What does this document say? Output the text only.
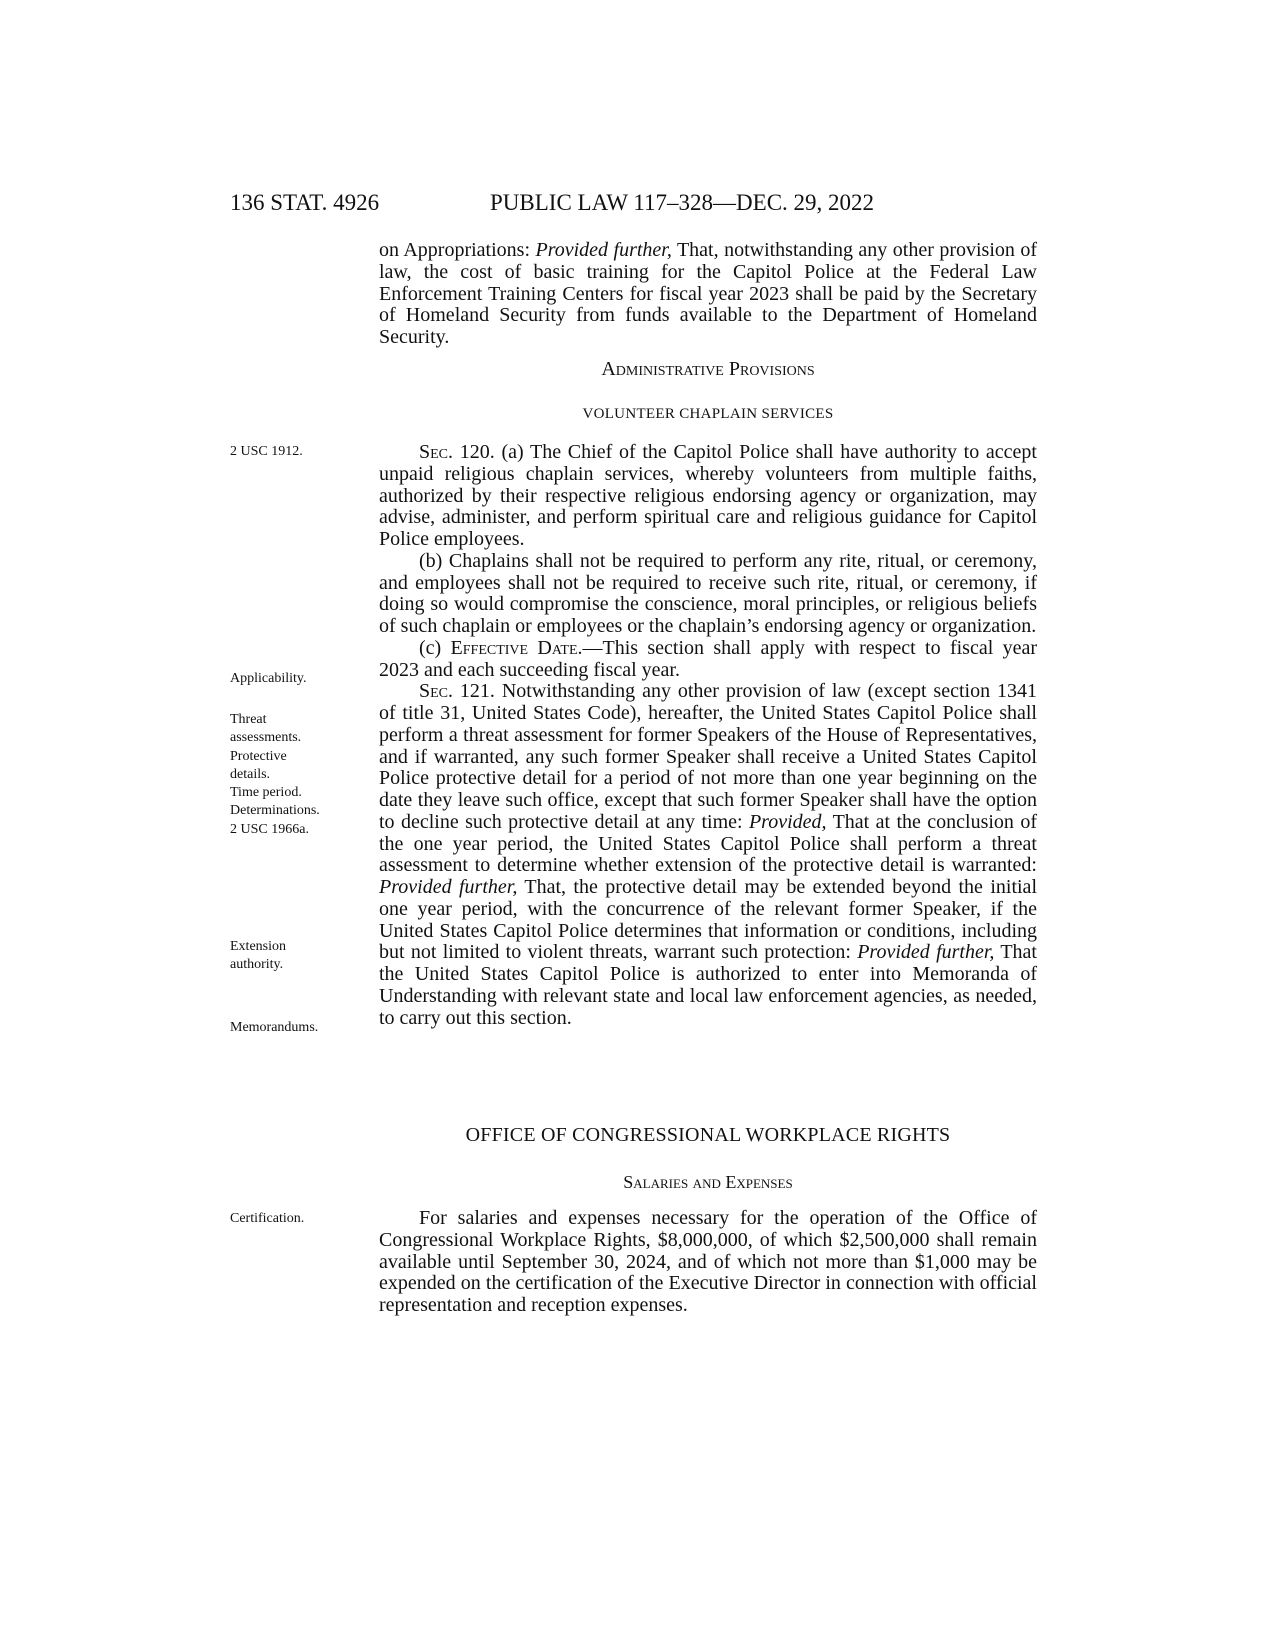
136 STAT. 4926	PUBLIC LAW 117–328—DEC. 29, 2022

on Appropriations: Provided further, That, notwithstanding any other provision of law, the cost of basic training for the Capitol Police at the Federal Law Enforcement Training Centers for fiscal year 2023 shall be paid by the Secretary of Homeland Security from funds available to the Department of Homeland Security.

Administrative Provisions
VOLUNTEER CHAPLAIN SERVICES
2 USC 1912.
Applicability.
Threat
assessments.
Protective
details.
Time period.
Determinations.
2 USC 1966a.
Extension
authority.
Memorandums.
Certification.

Sec. 120. (a) The Chief of the Capitol Police shall have authority to accept unpaid religious chaplain services, whereby volunteers from multiple faiths, authorized by their respective religious endorsing agency or organization, may advise, administer, and perform spiritual care and religious guidance for Capitol Police employees.

(b) Chaplains shall not be required to perform any rite, ritual, or ceremony, and employees shall not be required to receive such rite, ritual, or ceremony, if doing so would compromise the conscience, moral principles, or religious beliefs of such chaplain or employees or the chaplain’s endorsing agency or organization.

(c) Effective Date.—This section shall apply with respect to fiscal year 2023 and each succeeding fiscal year.

Sec. 121. Notwithstanding any other provision of law (except section 1341 of title 31, United States Code), hereafter, the United States Capitol Police shall perform a threat assessment for former Speakers of the House of Representatives, and if warranted, any such former Speaker shall receive a United States Capitol Police protective detail for a period of not more than one year beginning on the date they leave such office, except that such former Speaker shall have the option to decline such protective detail at any time: Provided, That at the conclusion of the one year period, the United States Capitol Police shall perform a threat assessment to determine whether extension of the protective detail is warranted: Provided further, That, the protective detail may be extended beyond the initial one year period, with the concurrence of the relevant former Speaker, if the United States Capitol Police determines that information or conditions, including but not limited to violent threats, warrant such protection: Provided further, That the United States Capitol Police is authorized to enter into Memoranda of Understanding with relevant state and local law enforcement agencies, as needed, to carry out this section.

OFFICE OF CONGRESSIONAL WORKPLACE RIGHTS
Salaries and Expenses

For salaries and expenses necessary for the operation of the Office of Congressional Workplace Rights, $8,000,000, of which $2,500,000 shall remain available until September 30, 2024, and of which not more than $1,000 may be expended on the certification of the Executive Director in connection with official representation and reception expenses.
